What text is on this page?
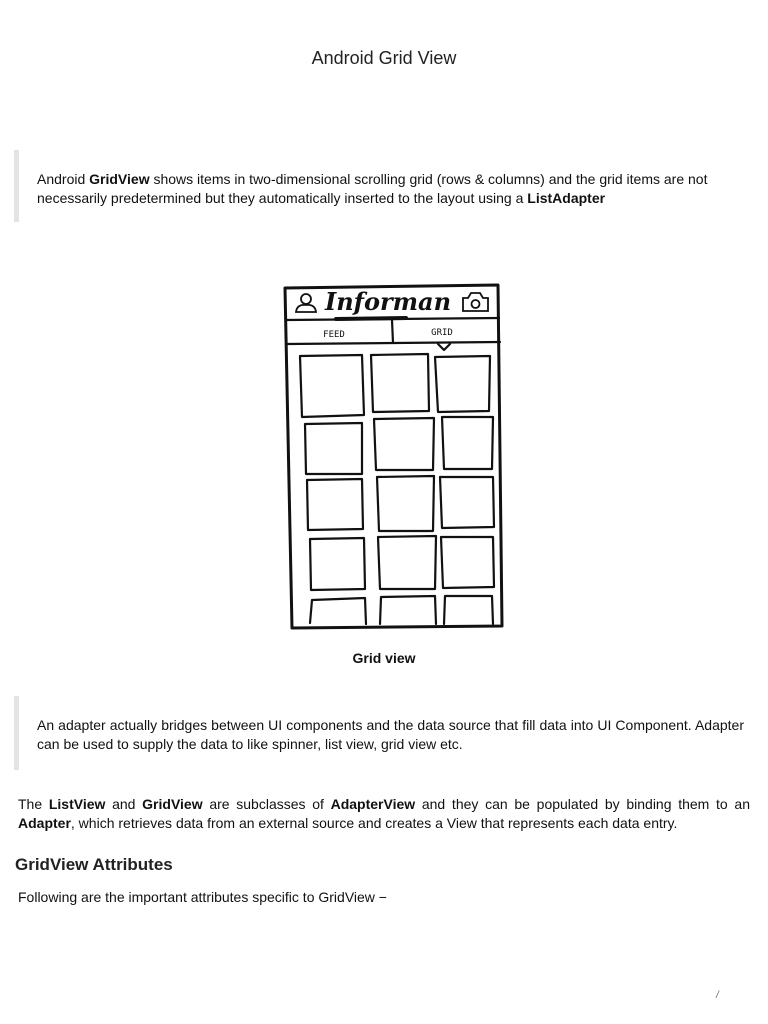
Android Grid View

Android GridView shows items in two-dimensional scrolling grid (rows & columns) and the grid items are not necessarily predetermined but they automatically inserted to the layout using a ListAdapter

Informan
FEED	GRID
Grid view

An adapter actually bridges between UI components and the data source that fill data into UI Component. Adapter can be used to supply the data to like spinner, list view, grid view etc.

The ListView and GridView are subclasses of AdapterView and they can be populated by binding them to an Adapter, which retrieves data from an external source and creates a View that represents each data entry.

GridView Attributes

Following are the important attributes specific to GridView −

/
